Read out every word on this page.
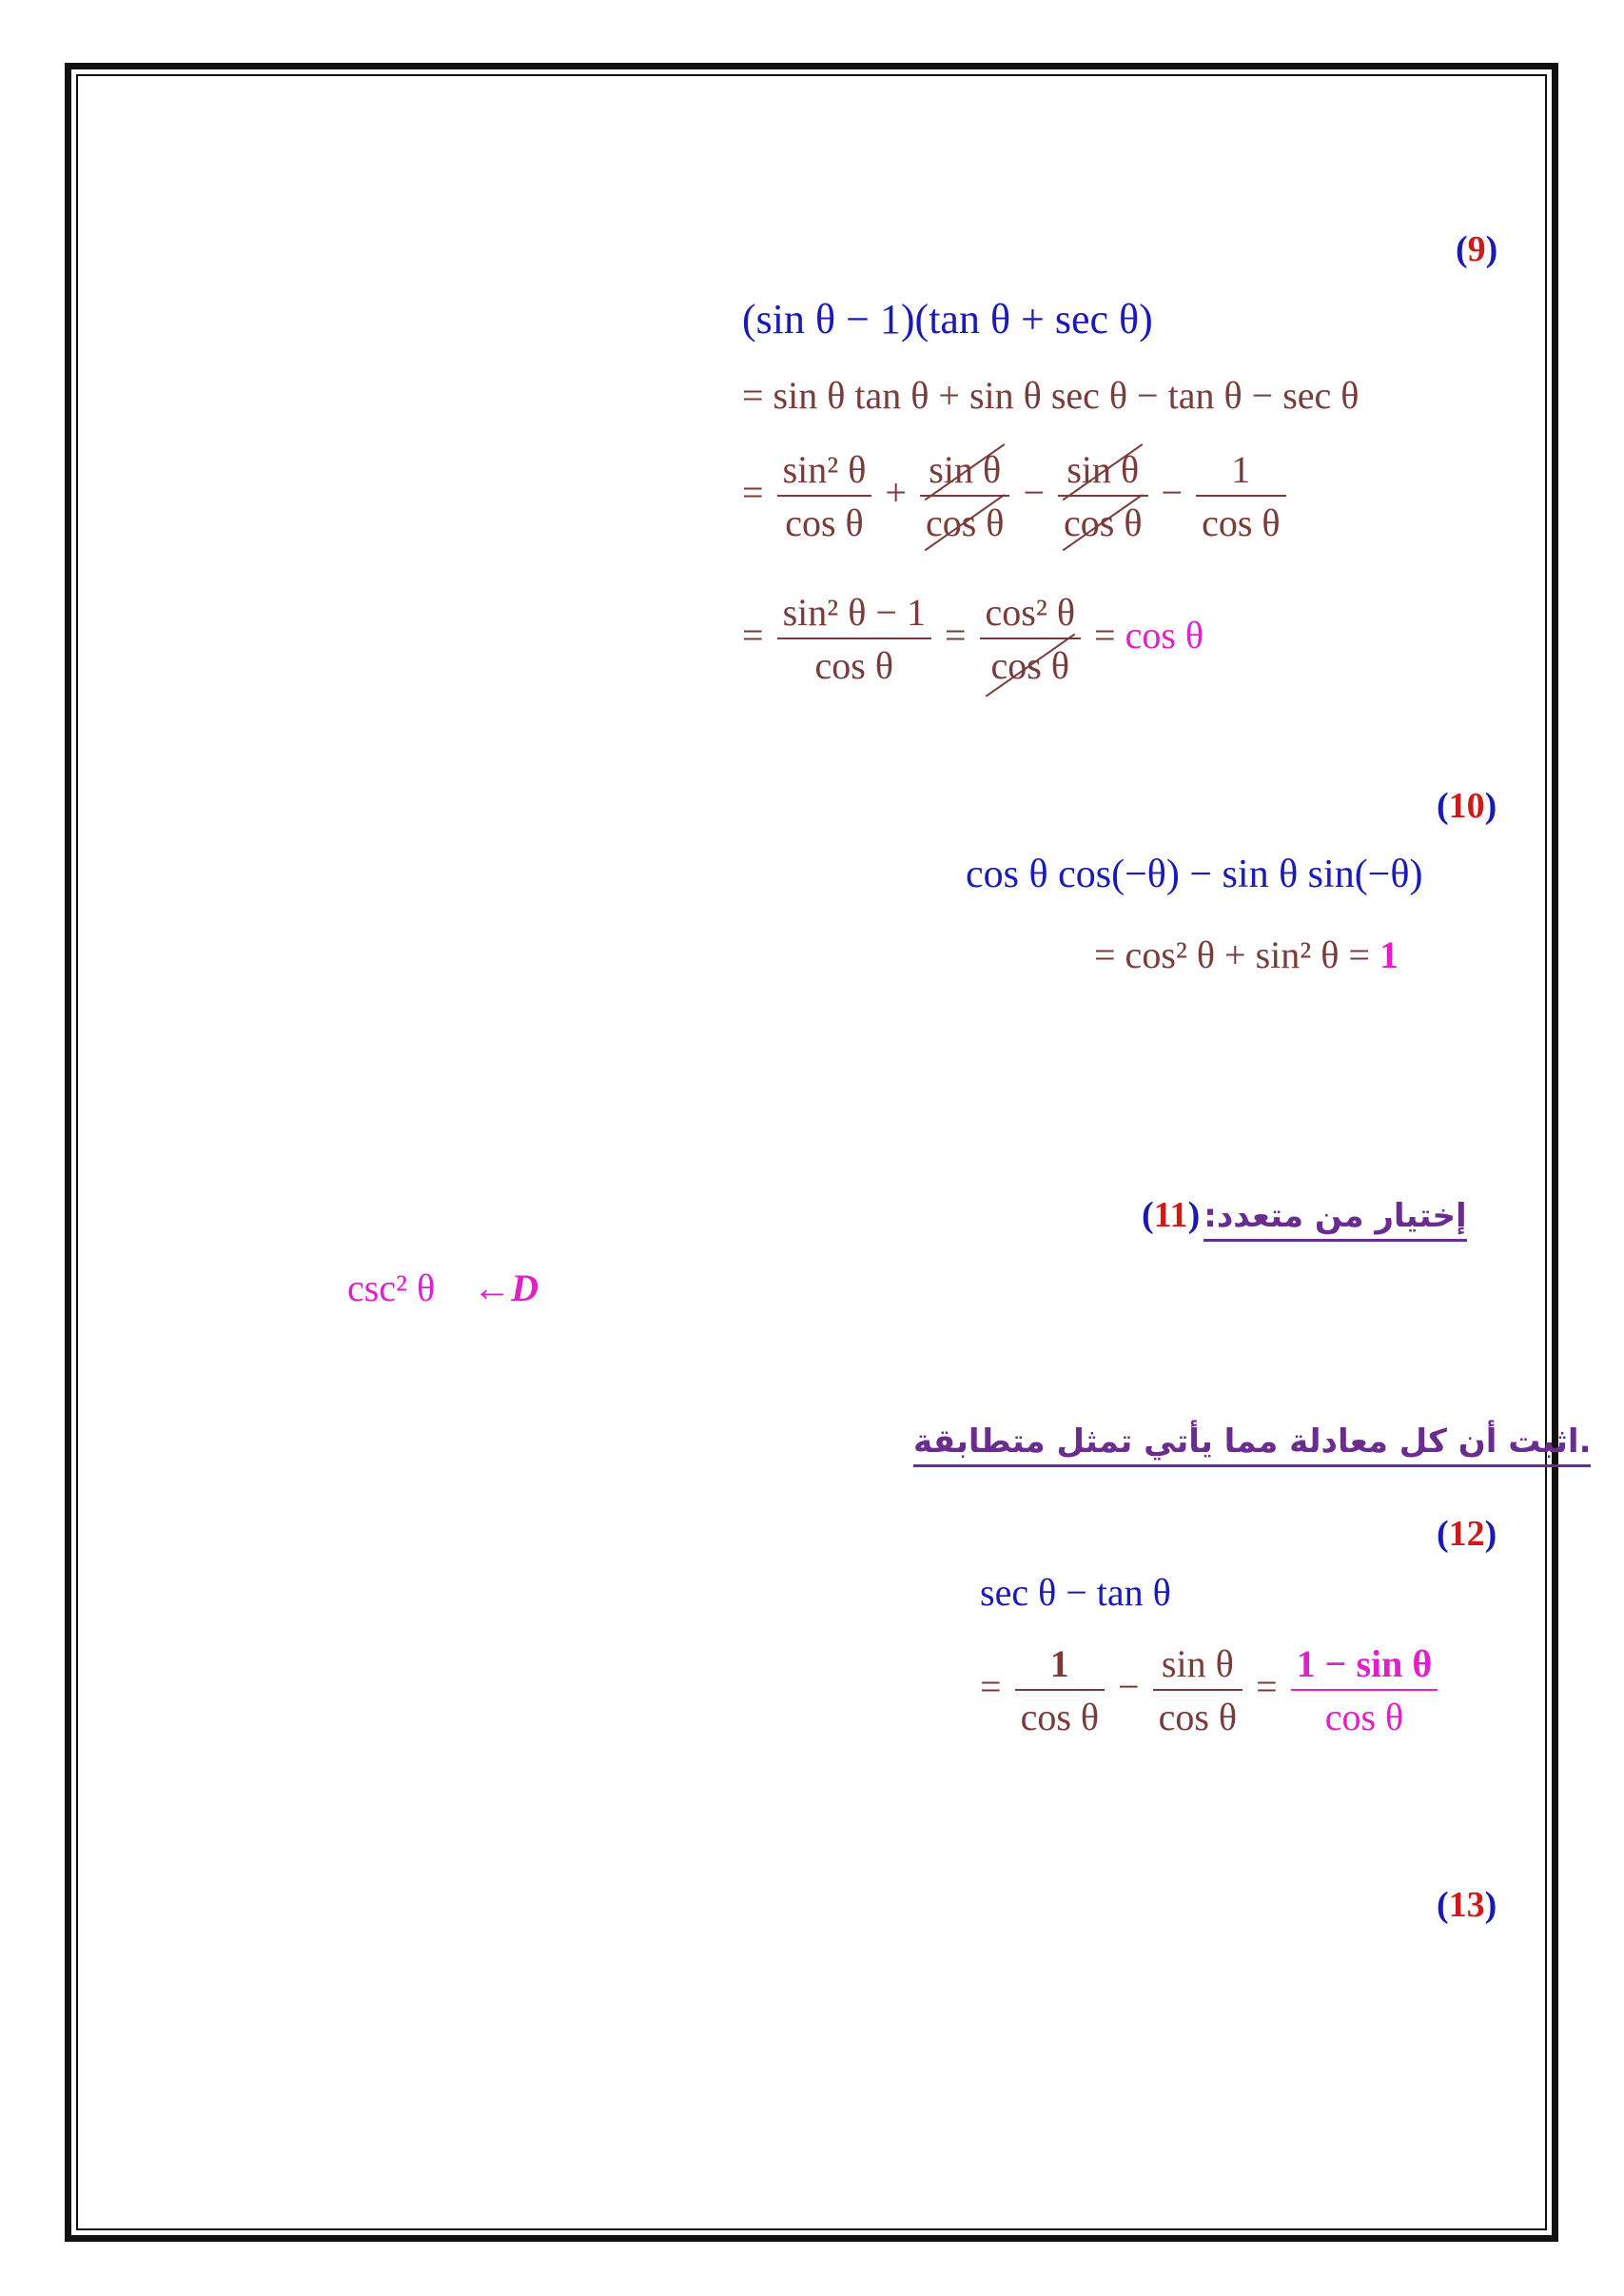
(9)
(sin θ − 1)(tan θ + sec θ)
= sin θ tan θ + sin θ sec θ − tan θ − sec θ
= $\frac{\text{sin² θ}}{\text{cos θ}} + \frac{\text{sin θ}}{\text{cos θ}} - \frac{\text{sin θ}}{\text{cos θ}} - \frac{1}{\text{cos θ}}$
= $\frac{\text{sin² θ − 1}}{\text{cos θ}} = \frac{\text{cos² θ}}{\text{cos θ}} = \cos \theta$
(10)
cos θ cos(−θ) − sin θ sin(−θ)
= cos² θ + sin² θ = 1
إختيار من متعدد: (11)
csc² θ ←D
اثبت أن كل معادلة مما يأتي تمثل متطابقة.
(12)
sec θ − tan θ
= $\frac{1}{\text{cos θ}} - \frac{\text{sin θ}}{\text{cos θ}} = \frac{\text{1 − sin θ}}{\text{cos θ}}$
(13)
